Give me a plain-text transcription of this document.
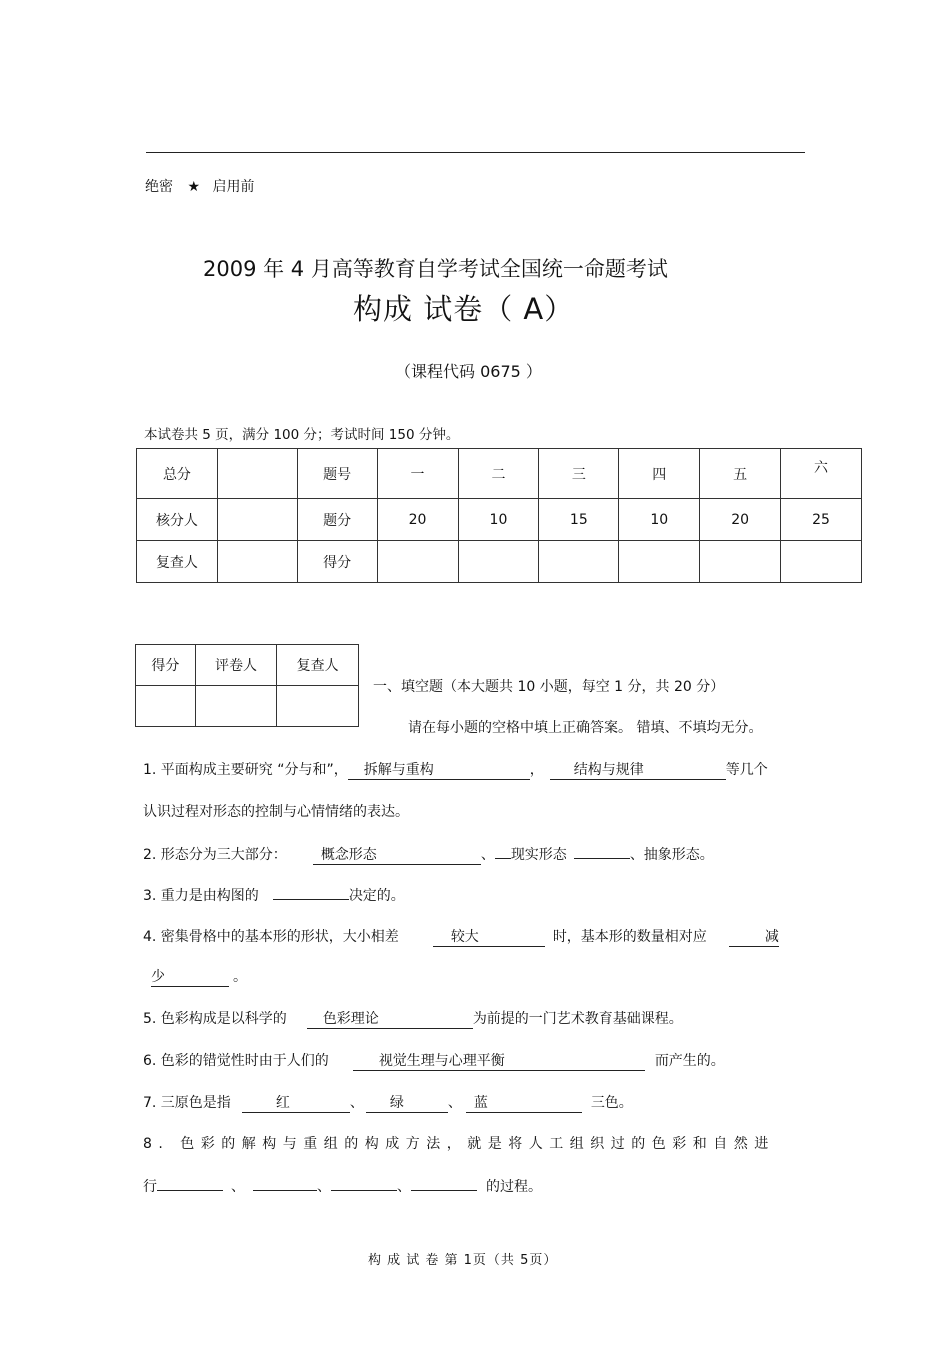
绝密 ★ 启用前
2009 年 4 月高等教育自学考试全国统一命题考试
构成 试卷（ A）
（课程代码 0675 ）
本试卷共 5 页，满分 100 分；考试时间 150 分钟。
总分		题号	一	二	三	四	五	六
核分人		题分	20	10	15	10	20	25
复查人		得分						
得分	评卷人	复查人

一、填空题（本大题共 10 小题，每空 1 分，共 20 分）
请在每小题的空格中填上正确答案。 错填、不填均无分。
1. 平面构成主要研究 “分与和”， 拆解与重构	， 结构与规律	等几个
认识过程对形态的控制与心情情绪的表达。
2. 形态分为三大部分： 概念形态	、 现实形态	、抽象形态。
3. 重力是由构图的	决定的。
4. 密集骨格中的基本形的形状，大小相差	较大	时，基本形的数量相对应	减
少	。
5. 色彩构成是以科学的	色彩理论	为前提的一门艺术教育基础课程。
6. 色彩的错觉性时由于人们的	视觉生理与心理平衡	而产生的。
7. 三原色是指	红	、 绿	、 蓝	三色。
8. 色彩的解构与重组的构成方法，就是将人工组织过的色彩和自然进
行	、	、	、	的过程。
构 成 试 卷 第 1页（共 5页）
